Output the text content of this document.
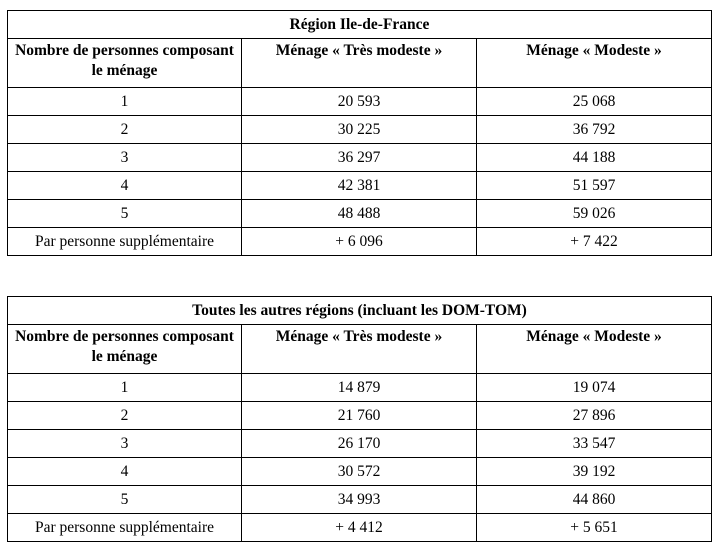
Région Ile-de-France		
Nombre de personnes composant le ménage	Ménage « Très modeste »	Ménage « Modeste »
1	20 593	25 068
2	30 225	36 792
3	36 297	44 188
4	42 381	51 597
5	48 488	59 026
Par personne supplémentaire	+ 6 096	+ 7 422
Toutes les autres régions (incluant les DOM-TOM)		
Nombre de personnes composant le ménage	Ménage « Très modeste »	Ménage « Modeste »
1	14 879	19 074
2	21 760	27 896
3	26 170	33 547
4	30 572	39 192
5	34 993	44 860
Par personne supplémentaire	+ 4 412	+ 5 651
